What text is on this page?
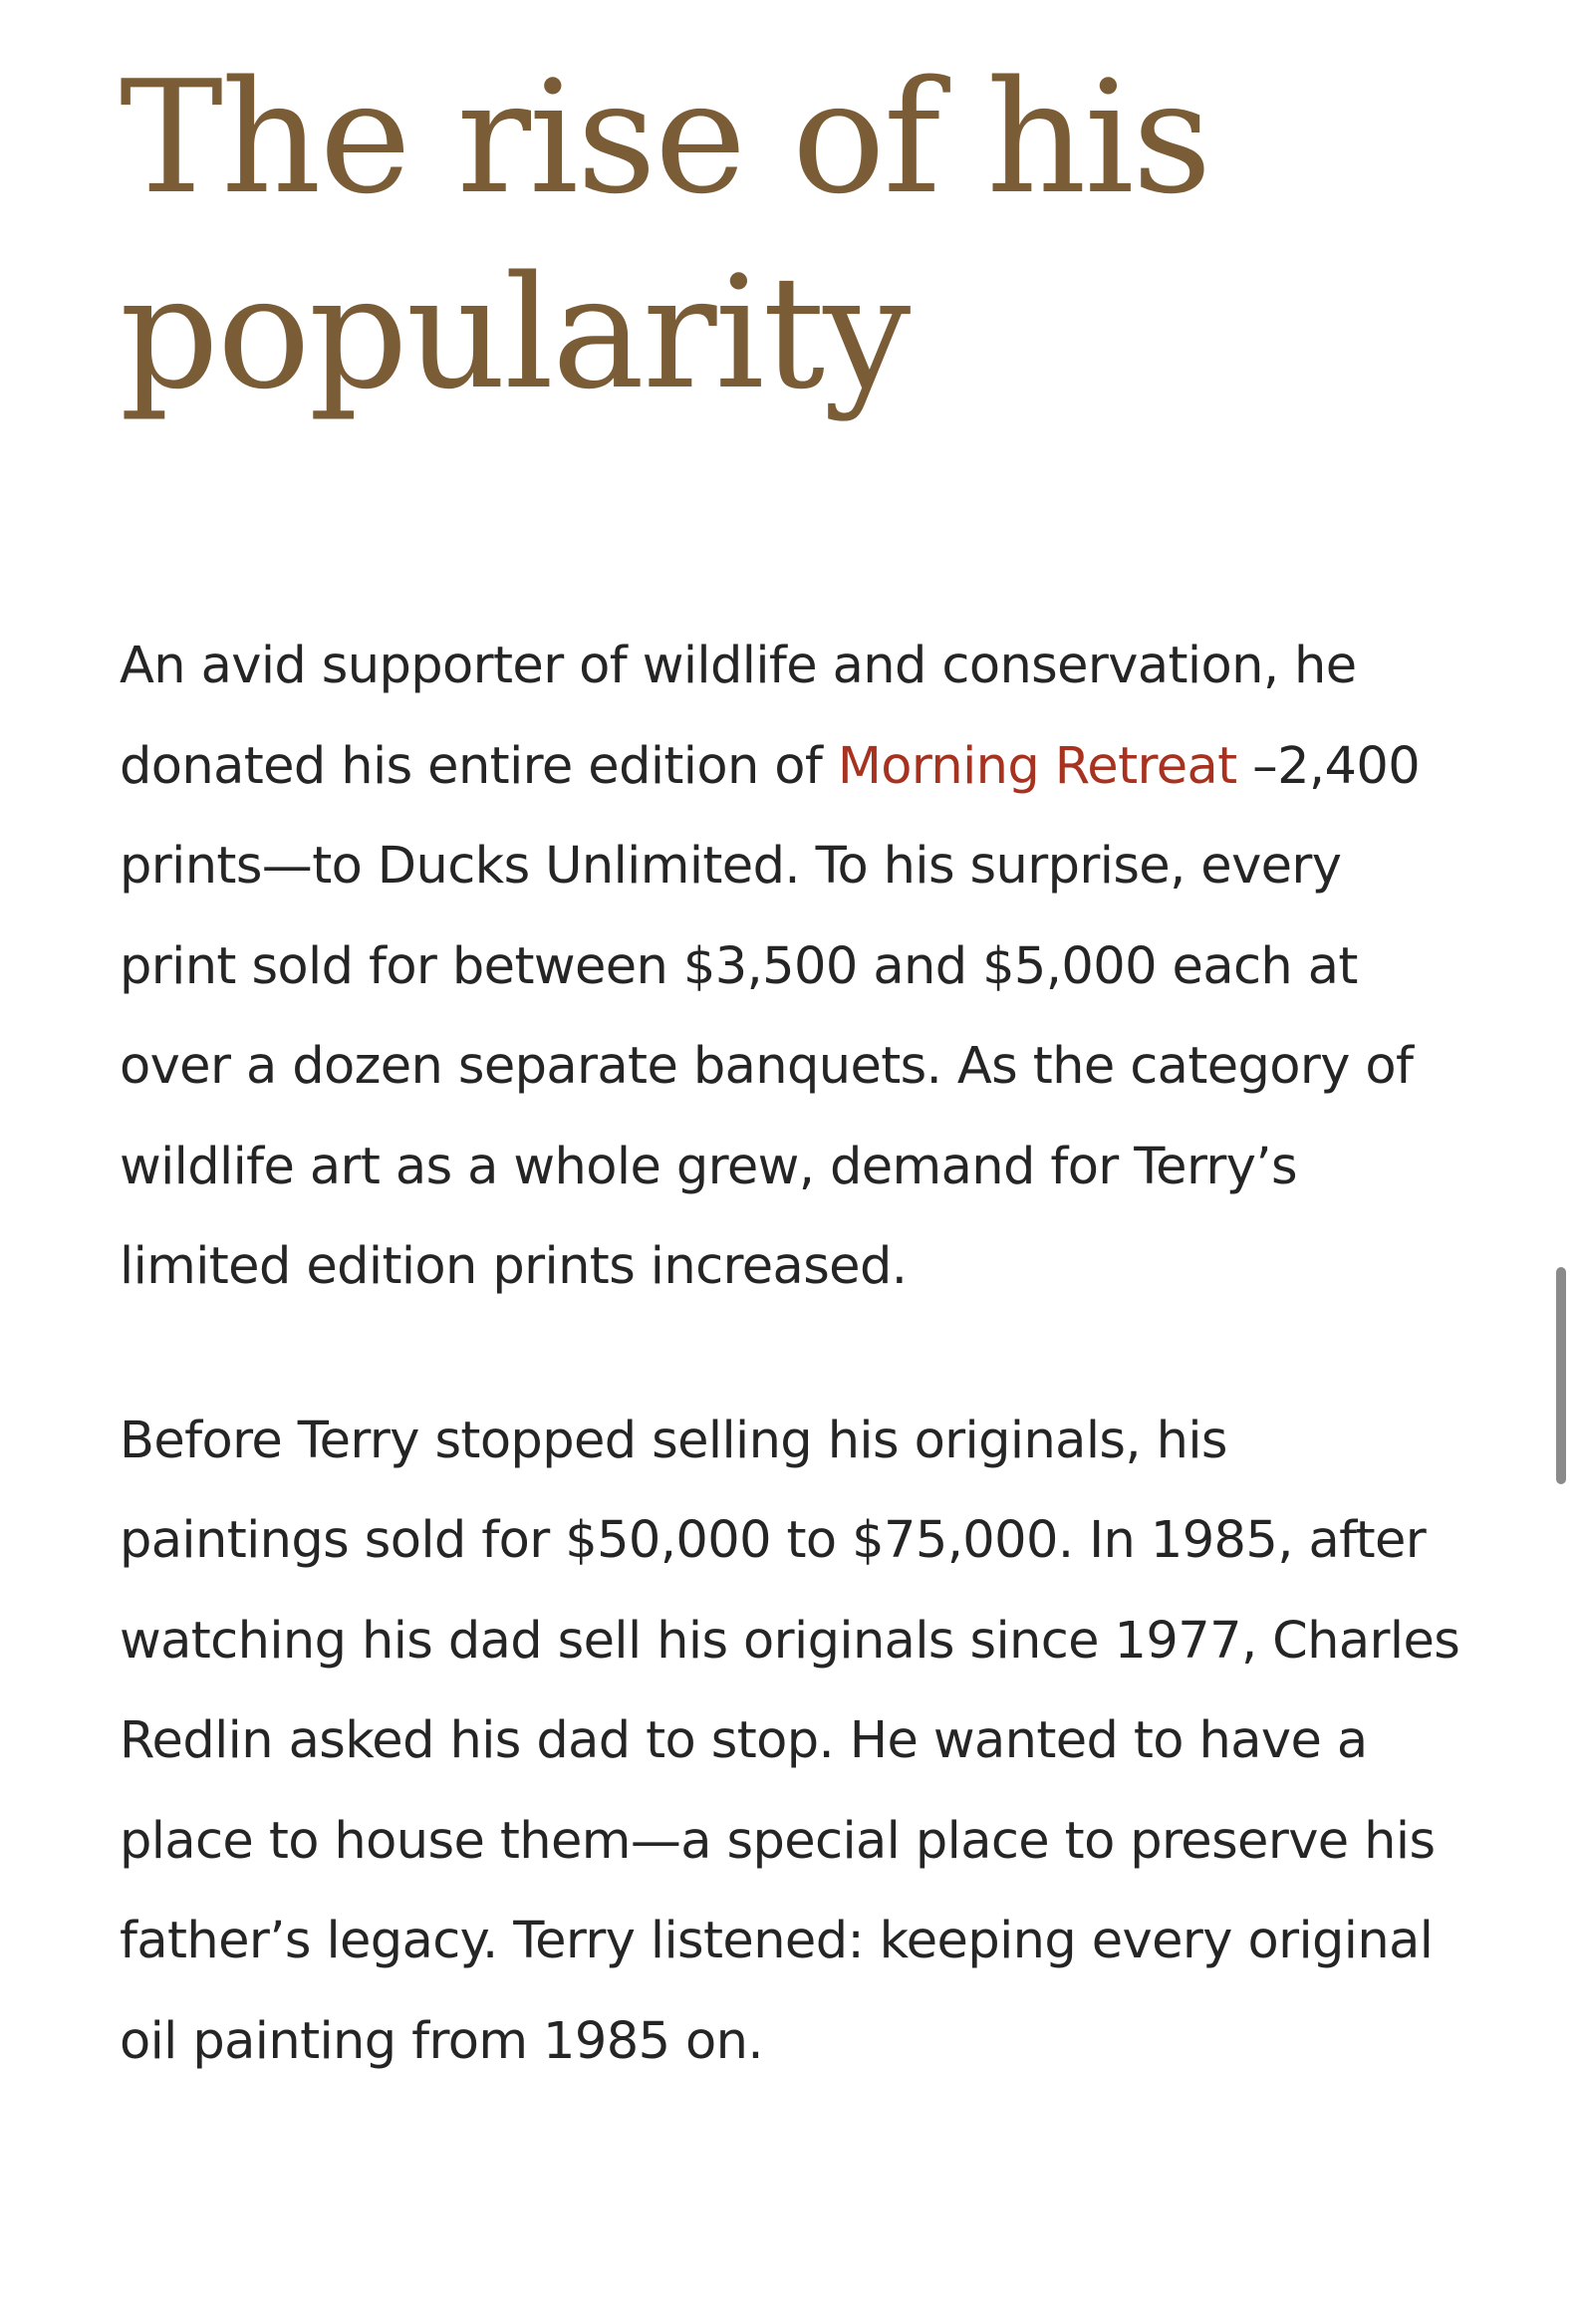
The rise of his
popularity

An avid supporter of wildlife and conservation, he donated his entire edition of Morning Retreat –2,400 prints—to Ducks Unlimited. To his surprise, every print sold for between $3,500 and $5,000 each at over a dozen separate banquets. As the category of wildlife art as a whole grew, demand for Terry’s limited edition prints increased.

Before Terry stopped selling his originals, his paintings sold for $50,000 to $75,000. In 1985, after watching his dad sell his originals since 1977, Charles Redlin asked his dad to stop. He wanted to have a place to house them—a special place to preserve his father’s legacy. Terry listened: keeping every original oil painting from 1985 on.
